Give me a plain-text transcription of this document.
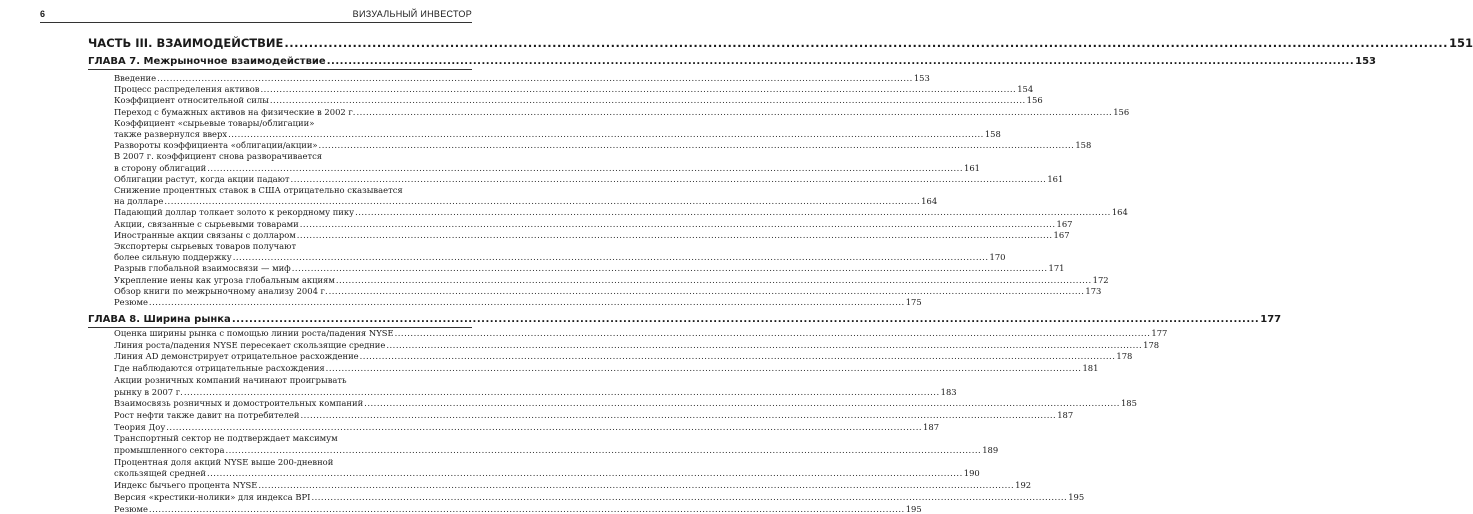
6	ВИЗУАЛЬНЫЙ ИНВЕСТОР
ЧАСТЬ III. ВЗАИМОДЕЙСТВИЕ ............................................................................................................................................................................................................................................... 151
ГЛАВА 7. Межрыночное взаимодействие ............................................................................................................................................................................................................................................... 153
Введение ............................................................................................................................................................................................................................................... 153
Процесс распределения активов ............................................................................................................................................................................................................................................... 154
Коэффициент относительной силы ............................................................................................................................................................................................................................................... 156
Переход с бумажных активов на физические в 2002 г. ............................................................................................................................................................................................................................................... 156
Коэффициент «сырьевые товары/облигации»
также развернулся вверх ............................................................................................................................................................................................................................................... 158
Развороты коэффициента «облигации/акции» ............................................................................................................................................................................................................................................... 158
В 2007 г. коэффициент снова разворачивается
в сторону облигаций ............................................................................................................................................................................................................................................... 161
Облигации растут, когда акции падают ............................................................................................................................................................................................................................................... 161
Снижение процентных ставок в США отрицательно сказывается
на долларе ............................................................................................................................................................................................................................................... 164
Падающий доллар толкает золото к рекордному пику ............................................................................................................................................................................................................................................... 164
Акции, связанные с сырьевыми товарами ............................................................................................................................................................................................................................................... 167
Иностранные акции связаны с долларом ............................................................................................................................................................................................................................................... 167
Экспортеры сырьевых товаров получают
более сильную поддержку ............................................................................................................................................................................................................................................... 170
Разрыв глобальной взаимосвязи — миф ............................................................................................................................................................................................................................................... 171
Укрепление иены как угроза глобальным акциям ............................................................................................................................................................................................................................................... 172
Обзор книги по межрыночному анализу 2004 г. ............................................................................................................................................................................................................................................... 173
Резюме ............................................................................................................................................................................................................................................... 175
ГЛАВА 8. Ширина рынка ............................................................................................................................................................................................................................................... 177
Оценка ширины рынка с помощью линии роста/падения NYSE ............................................................................................................................................................................................................................................... 177
Линия роста/падения NYSE пересекает скользящие средние ............................................................................................................................................................................................................................................... 178
Линия AD демонстрирует отрицательное расхождение ............................................................................................................................................................................................................................................... 178
Где наблюдаются отрицательные расхождения ............................................................................................................................................................................................................................................... 181
Акции розничных компаний начинают проигрывать
рынку в 2007 г. ............................................................................................................................................................................................................................................... 183
Взаимосвязь розничных и домостроительных компаний ............................................................................................................................................................................................................................................... 185
Рост нефти также давит на потребителей ............................................................................................................................................................................................................................................... 187
Теория Доу ............................................................................................................................................................................................................................................... 187
Транспортный сектор не подтверждает максимум
промышленного сектора ............................................................................................................................................................................................................................................... 189
Процентная доля акций NYSE выше 200-дневной
скользящей средней ............................................................................................................................................................................................................................................... 190
Индекс бычьего процента NYSE ............................................................................................................................................................................................................................................... 192
Версия «крестики-нолики» для индекса BPI ............................................................................................................................................................................................................................................... 195
Резюме ............................................................................................................................................................................................................................................... 195
